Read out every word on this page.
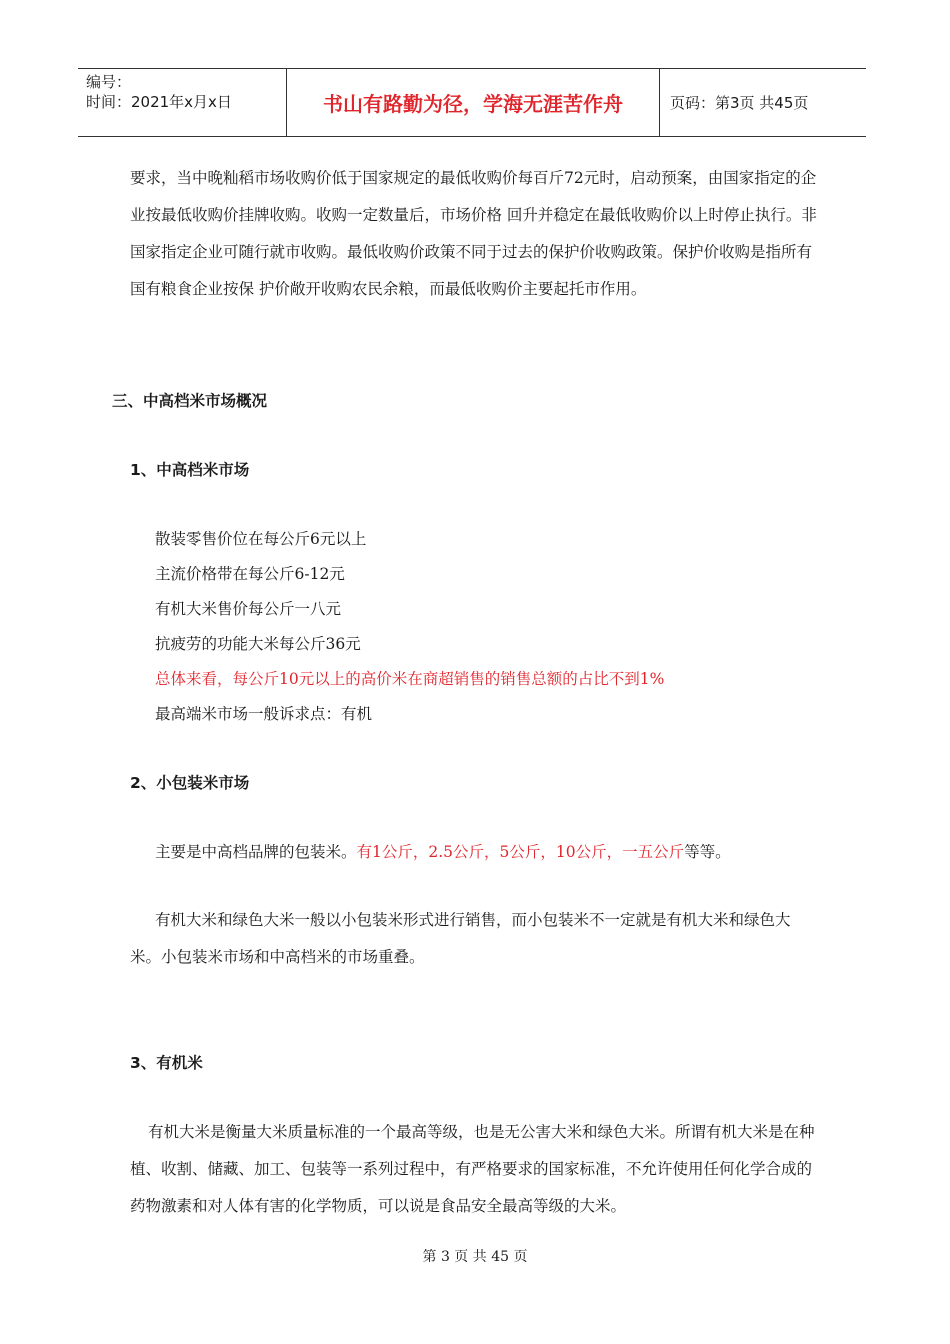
编号：
时间：2021年x月x日	书山有路勤为径，学海无涯苦作舟	页码：第3页 共45页

要求，当中晚籼稻市场收购价低于国家规定的最低收购价每百斤72元时，启动预案，由国家指定的企业按最低收购价挂牌收购。收购一定数量后，市场价格 回升并稳定在最低收购价以上时停止执行。非国家指定企业可随行就市收购。最低收购价政策不同于过去的保护价收购政策。保护价收购是指所有国有粮食企业按保 护价敞开收购农民余粮，而最低收购价主要起托市作用。

三、中高档米市场概况

1、中高档米市场

散装零售价位在每公斤6元以上

主流价格带在每公斤6-12元

有机大米售价每公斤一八元

抗疲劳的功能大米每公斤36元

总体来看，每公斤10元以上的高价米在商超销售的销售总额的占比不到1%

最高端米市场一般诉求点：有机

2、小包装米市场

主要是中高档品牌的包装米。有1公斤，2.5公斤，5公斤，10公斤，一五公斤等等。

有机大米和绿色大米一般以小包装米形式进行销售，而小包装米不一定就是有机大米和绿色大米。小包装米市场和中高档米的市场重叠。

3、有机米

有机大米是衡量大米质量标准的一个最高等级，也是无公害大米和绿色大米。所谓有机大米是在种植、收割、储藏、加工、包装等一系列过程中，有严格要求的国家标准，不允许使用任何化学合成的药物激素和对人体有害的化学物质，可以说是食品安全最高等级的大米。

第 3 页 共 45 页
